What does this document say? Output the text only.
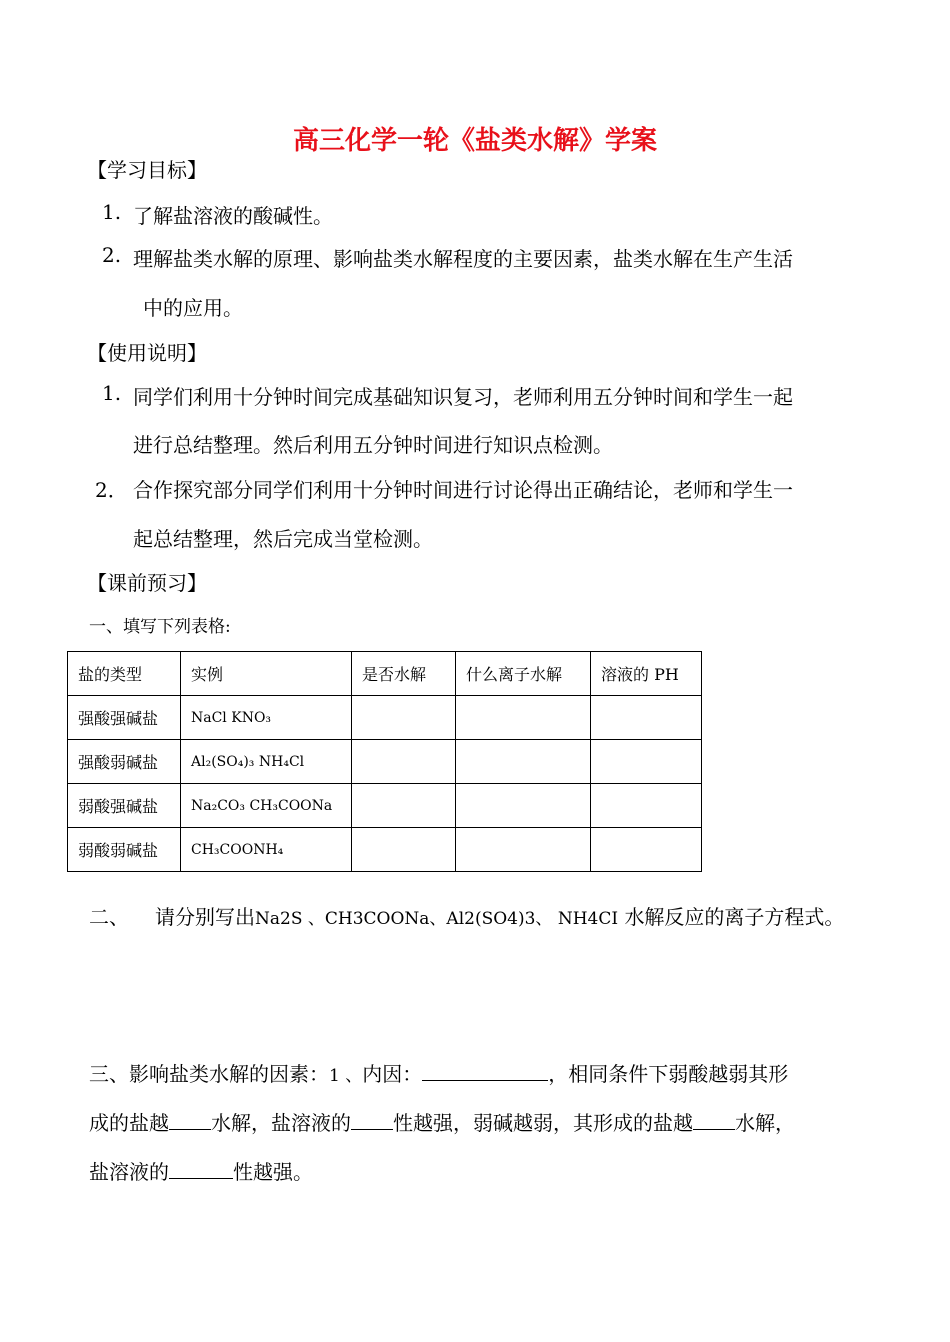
高三化学一轮《盐类水解》学案
【学习目标】
1. 了解盐溶液的酸碱性。
2. 理解盐类水解的原理、影响盐类水解程度的主要因素，盐类水解在生产生活
中的应用。
【使用说明】
1. 同学们利用十分钟时间完成基础知识复习，老师利用五分钟时间和学生一起
进行总结整理。然后利用五分钟时间进行知识点检测。
2． 合作探究部分同学们利用十分钟时间进行讨论得出正确结论，老师和学生一
起总结整理，然后完成当堂检测。
【课前预习】
一、填写下列表格:
盐的类型	实例	是否水解	什么离子水解	溶液的 PH
强酸强碱盐	NaCl KNO₃			
强酸弱碱盐	Al₂(SO₄)₃ NH₄Cl			
弱酸强碱盐	Na₂CO₃ CH₃COONa			
弱酸弱碱盐	CH₃COONH₄			
二、 请分别写出Na2S 、CH3COONa、Al2(SO4)3、 NH4CI 水解反应的离子方程式。
三、影响盐类水解的因素：1 、内因：	，相同条件下弱酸越弱其形
成的盐越 水解，盐溶液的 性越强，弱碱越弱，其形成的盐越 水解，
盐溶液的	性越强。
